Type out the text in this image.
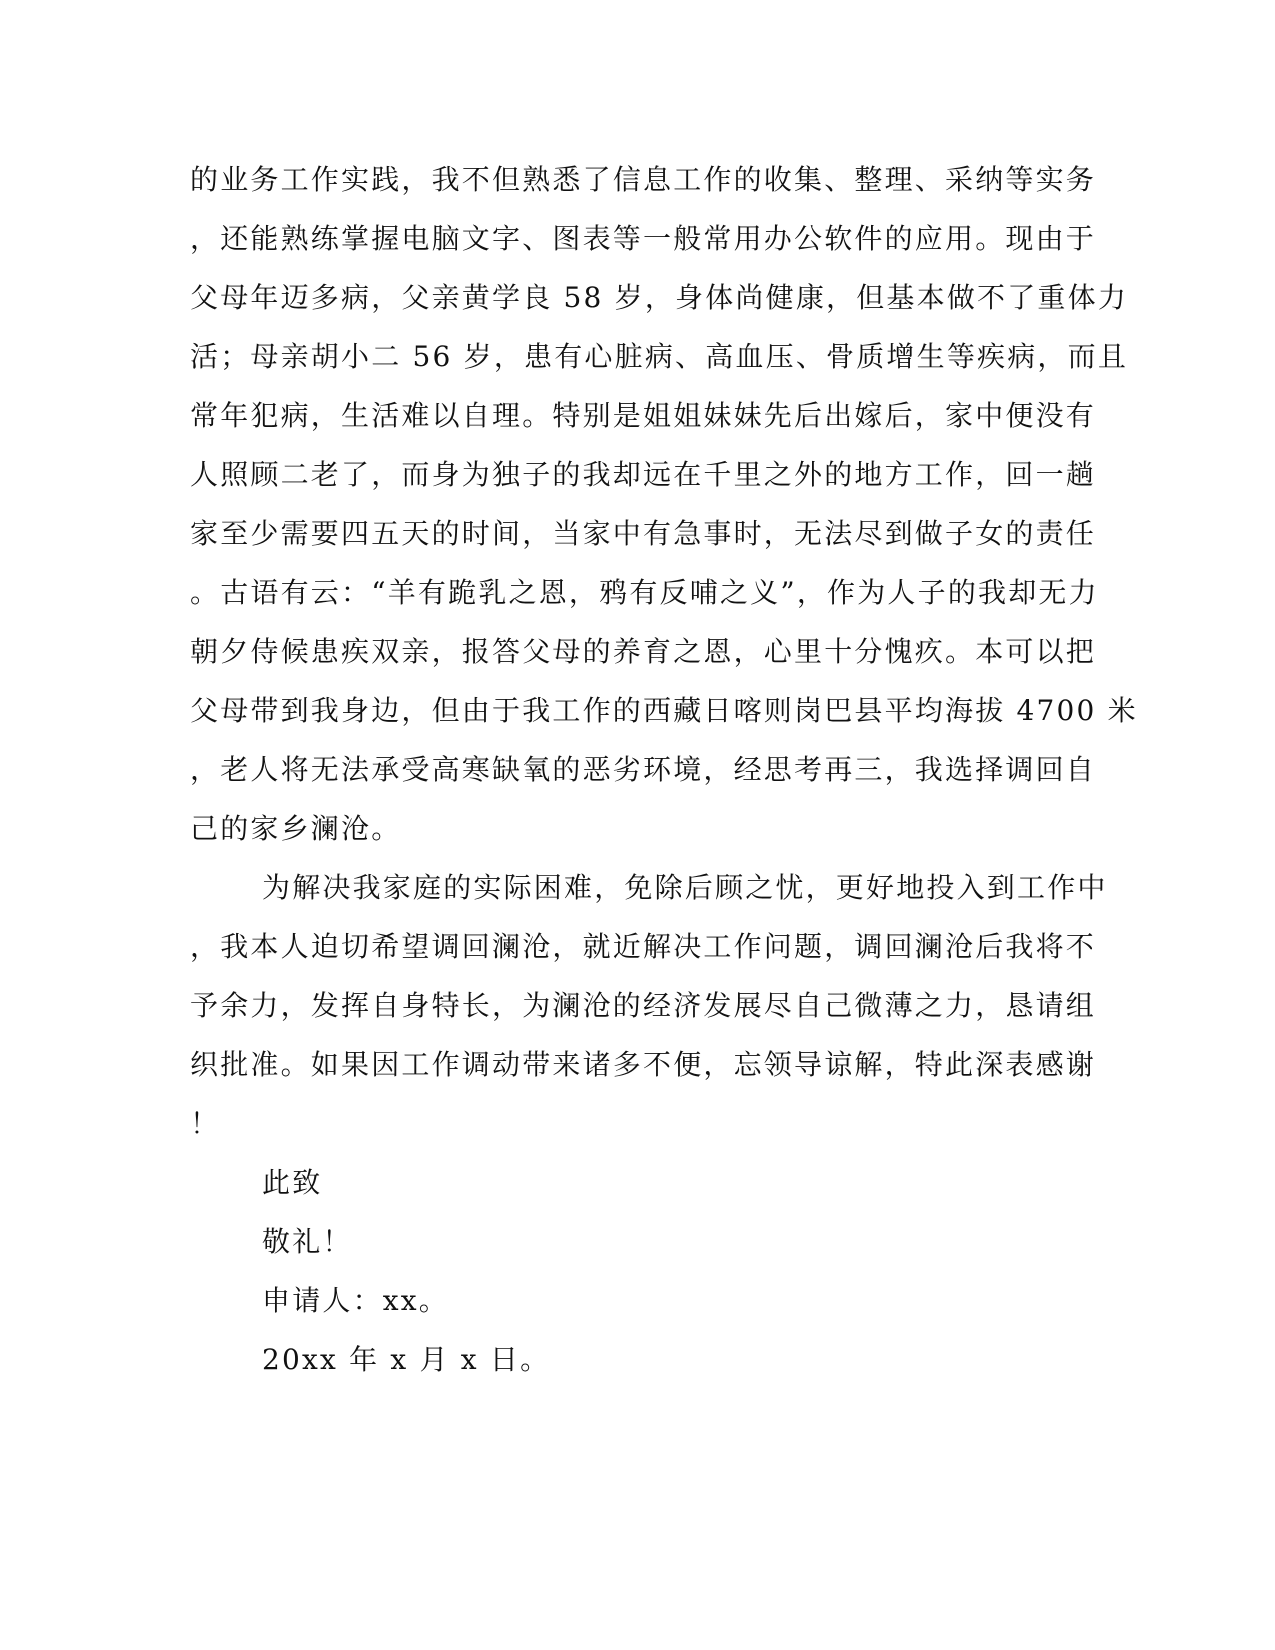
的业务工作实践，我不但熟悉了信息工作的收集、整理、采纳等实务
，还能熟练掌握电脑文字、图表等一般常用办公软件的应用。现由于
父母年迈多病，父亲黄学良 58 岁，身体尚健康，但基本做不了重体力
活；母亲胡小二 56 岁，患有心脏病、高血压、骨质增生等疾病，而且
常年犯病，生活难以自理。特别是姐姐妹妹先后出嫁后，家中便没有
人照顾二老了，而身为独子的我却远在千里之外的地方工作，回一趟
家至少需要四五天的时间，当家中有急事时，无法尽到做子女的责任
。古语有云：“羊有跪乳之恩，鸦有反哺之义”，作为人子的我却无力
朝夕侍候患疾双亲，报答父母的养育之恩，心里十分愧疚。本可以把
父母带到我身边，但由于我工作的西藏日喀则岗巴县平均海拔 4700 米
，老人将无法承受高寒缺氧的恶劣环境，经思考再三，我选择调回自
己的家乡澜沧。
为解决我家庭的实际困难，免除后顾之忧，更好地投入到工作中
，我本人迫切希望调回澜沧，就近解决工作问题，调回澜沧后我将不
予余力，发挥自身特长，为澜沧的经济发展尽自己微薄之力，恳请组
织批准。如果因工作调动带来诸多不便，忘领导谅解，特此深表感谢
！
此致
敬礼！
申请人：xx。
20xx 年 x 月 x 日。
